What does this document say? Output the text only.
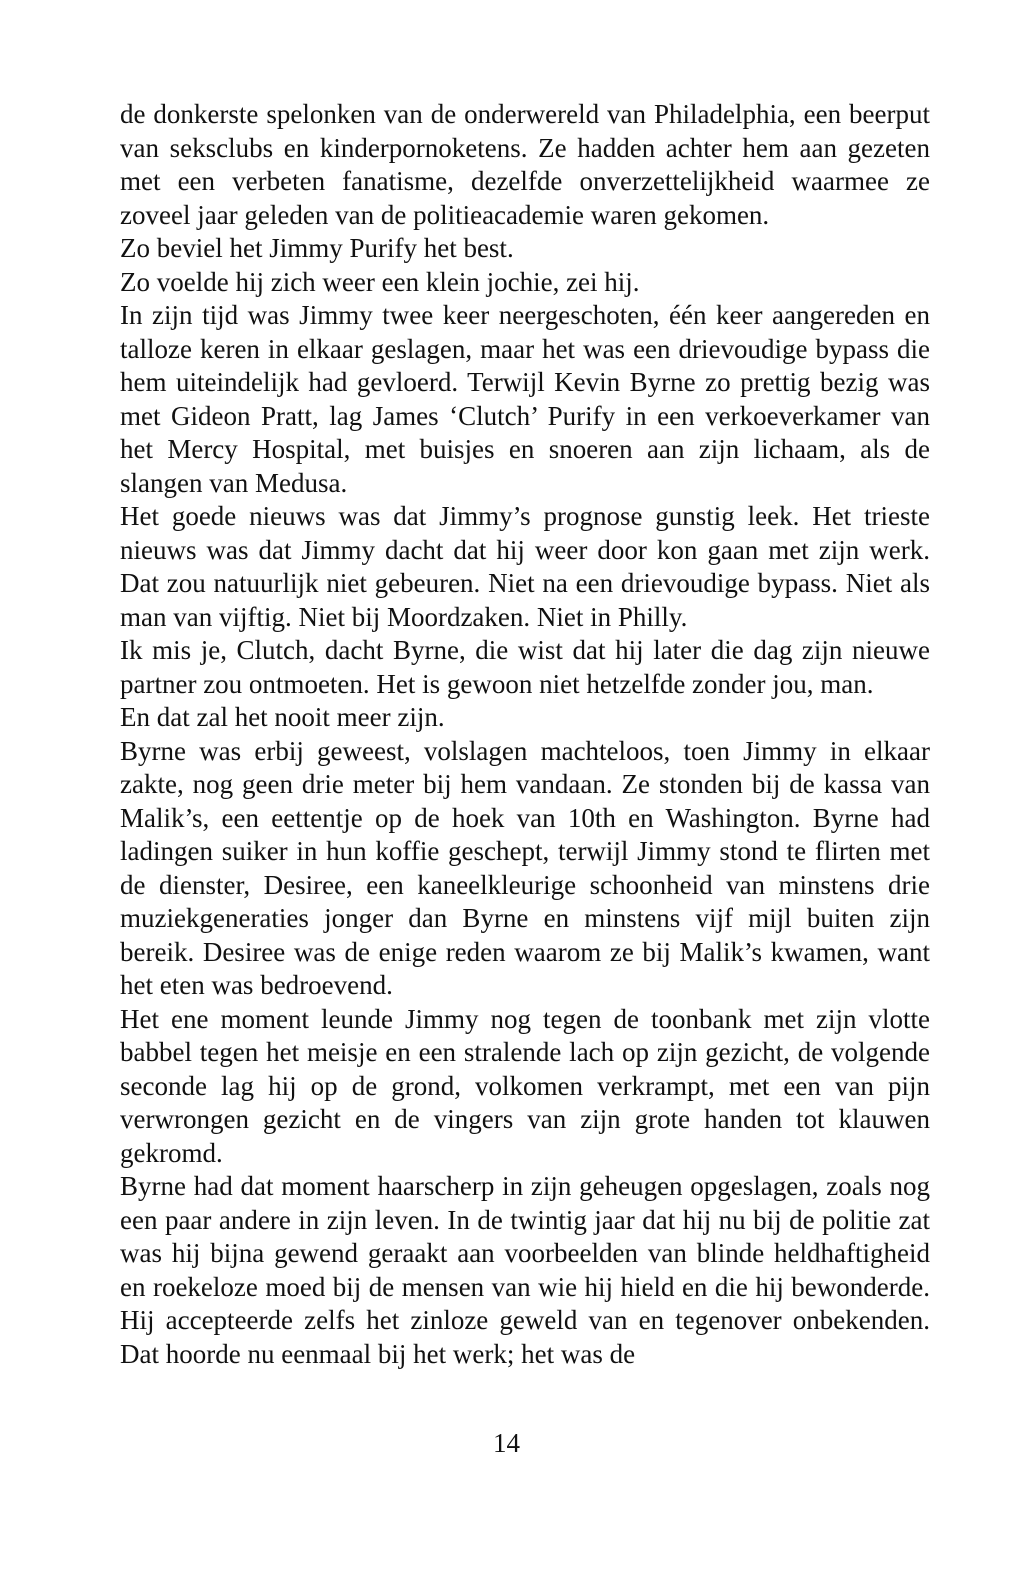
de donkerste spelonken van de onderwereld van Philadelphia, een beerput van seksclubs en kinderpornoketens. Ze hadden achter hem aan gezeten met een verbeten fanatisme, dezelfde onverzettelijkheid waarmee ze zoveel jaar geleden van de politieacademie waren gekomen.

Zo beviel het Jimmy Purify het best.

Zo voelde hij zich weer een klein jochie, zei hij.

In zijn tijd was Jimmy twee keer neergeschoten, één keer aangereden en talloze keren in elkaar geslagen, maar het was een drievoudige bypass die hem uiteindelijk had gevloerd. Terwijl Kevin Byrne zo prettig bezig was met Gideon Pratt, lag James ‘Clutch’ Purify in een verkoeverkamer van het Mercy Hospital, met buisjes en snoeren aan zijn lichaam, als de slangen van Medusa.

Het goede nieuws was dat Jimmy’s prognose gunstig leek. Het trieste nieuws was dat Jimmy dacht dat hij weer door kon gaan met zijn werk. Dat zou natuurlijk niet gebeuren. Niet na een drievoudige bypass. Niet als man van vijftig. Niet bij Moordzaken. Niet in Philly.

Ik mis je, Clutch, dacht Byrne, die wist dat hij later die dag zijn nieuwe partner zou ontmoeten. Het is gewoon niet hetzelfde zonder jou, man.

En dat zal het nooit meer zijn.

Byrne was erbij geweest, volslagen machteloos, toen Jimmy in elkaar zakte, nog geen drie meter bij hem vandaan. Ze stonden bij de kassa van Malik’s, een eettentje op de hoek van 10th en Washington. Byrne had ladingen suiker in hun koffie geschept, terwijl Jimmy stond te flirten met de dienster, Desiree, een kaneelkleurige schoonheid van minstens drie muziekgeneraties jonger dan Byrne en minstens vijf mijl buiten zijn bereik. Desiree was de enige reden waarom ze bij Malik’s kwamen, want het eten was bedroevend.

Het ene moment leunde Jimmy nog tegen de toonbank met zijn vlotte babbel tegen het meisje en een stralende lach op zijn gezicht, de volgende seconde lag hij op de grond, volkomen verkrampt, met een van pijn verwrongen gezicht en de vingers van zijn grote handen tot klauwen gekromd.

Byrne had dat moment haarscherp in zijn geheugen opgeslagen, zoals nog een paar andere in zijn leven. In de twintig jaar dat hij nu bij de politie zat was hij bijna gewend geraakt aan voorbeelden van blinde heldhaftigheid en roekeloze moed bij de mensen van wie hij hield en die hij bewonderde. Hij accepteerde zelfs het zinloze geweld van en tegenover onbekenden. Dat hoorde nu eenmaal bij het werk; het was de

14
